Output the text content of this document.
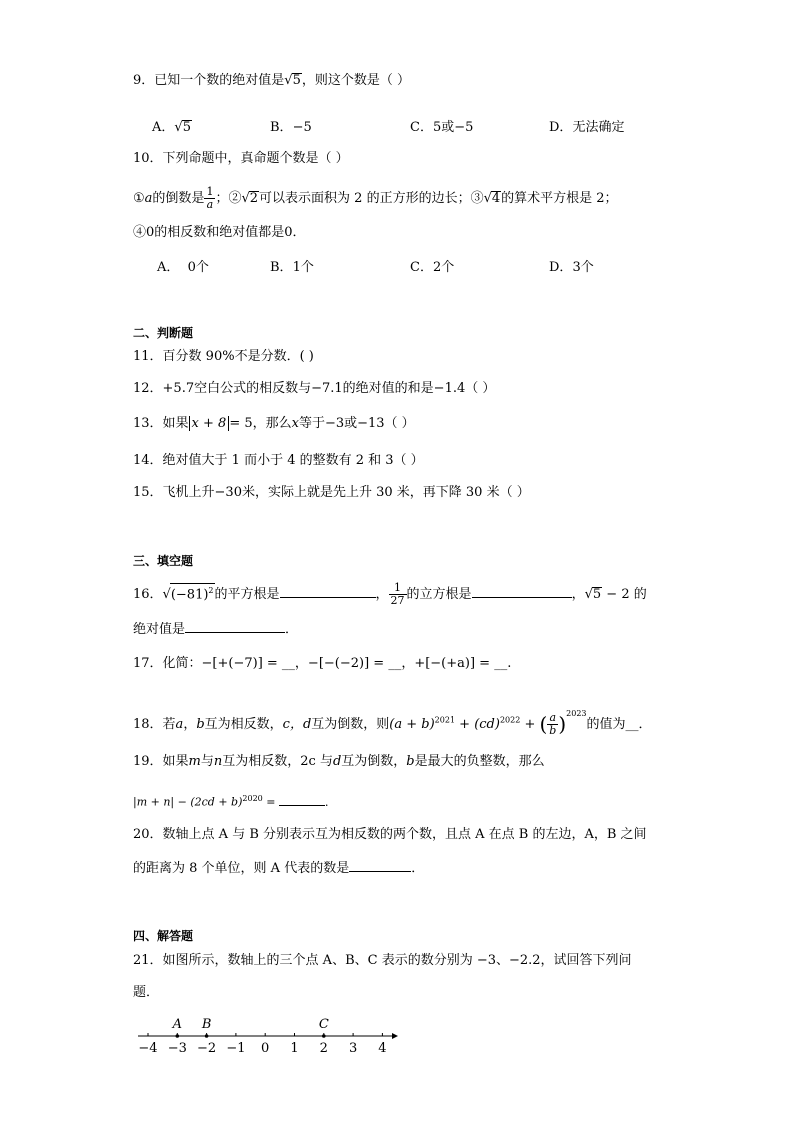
9．已知一个数的绝对值是√5，则这个数是（ ）
A．√5	B．−5	C．5或−5	D．无法确定
10．下列命题中，真命题个数是（ ）
①a的倒数是 $\frac{1}{a}$ ；②√2可以表示面积为 2 的正方形的边长；③√4的算术平方根是 2；
④0的相反数和绝对值都是0．
A． 0个	B．1个	C．2个	D．3个
二、判断题
11．百分数 90%不是分数．( )
12．+5.7空白公式的相反数与−7.1的绝对值的和是−1.4（ ）
13．如果 x + 8 = 5，那么x等于−3或−13（ ）
14．绝对值大于 1 而小于 4 的整数有 2 和 3（ ）
15．飞机上升−30米，实际上就是先上升 30 米，再下降 30 米（ ）
三、填空题
16．$√(-81)^2$的平方根是	， $\frac{1}{27}$ 的立方根是	，√5 − 2 的
绝对值是	．
17．化简：−[+(−7)] = __，−[−(−2)] = __，+[−(+a)] = __.
18．若a，b互为相反数，c，d互为倒数，则$(a + b)^{2021} + (cd)^{2022}$ + ( $\frac{a}{b} )^{2023}$的值为__．
19．如果m与n互为相反数，2c 与d互为倒数，b是最大的负整数，那么
$|m + n| - (2cd + b)^{2020}$ =	．
20．数轴上点 A 与 B 分别表示互为相反数的两个数，且点 A 在点 B 的左边，A，B 之间
的距离为 8 个单位，则 A 代表的数是	．
四、解答题
21．如图所示，数轴上的三个点 A、B、C 表示的数分别为 −3、−2.2，试回答下列问
题．
−4 −3 −2 −1 0 1 2 3 4
A B	C
